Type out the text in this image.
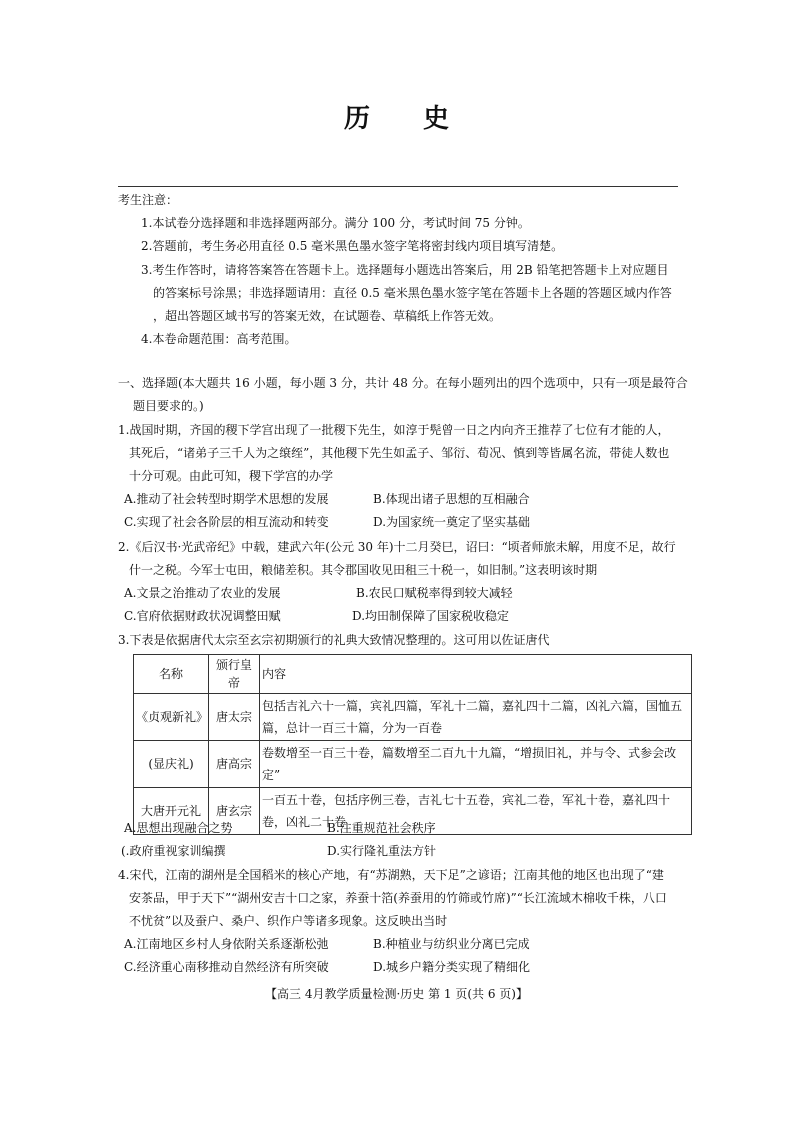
历 史
考生注意：
1.本试卷分选择题和非选择题两部分。满分 100 分，考试时间 75 分钟。
2.答题前，考生务必用直径 0.5 毫米黑色墨水签字笔将密封线内项目填写清楚。
3.考生作答时，请将答案答在答题卡上。选择题每小题选出答案后，用 2B 铅笔把答题卡上对应题目
的答案标号涂黑；非选择题请用：直径 0.5 毫米黑色墨水签字笔在答题卡上各题的答题区域内作答
，超出答题区域书写的答案无效，在试题卷、草稿纸上作答无效。
4.本卷命题范围：高考范围。
一、选择题(本大题共 16 小题，每小题 3 分，共计 48 分。在每小题列出的四个选项中，只有一项是最符合
题目要求的。)
1.战国时期，齐国的稷下学宫出现了一批稷下先生，如淳于髡曾一日之内向齐王推荐了七位有才能的人，
其死后，“诸弟子三千人为之缞绖”，其他稷下先生如孟子、邹衍、荀况、慎到等皆属名流，带徒人数也
十分可观。由此可知，稷下学宫的办学
A.推动了社会转型时期学术思想的发展	B.体现出诸子思想的互相融合
C.实现了社会各阶层的相互流动和转变	D.为国家统一奠定了坚实基础
2.《后汉书·光武帝纪》中载，建武六年(公元 30 年)十二月癸巳，诏曰：“顷者师旅未解，用度不足，故行
什一之税。今军士屯田，粮储差积。其令郡国收见田租三十税一，如旧制。”这表明该时期
A.文景之治推动了农业的发展	B.农民口赋税率得到较大减轻
C.官府依据财政状况调整田赋	D.均田制保障了国家税收稳定
3.下表是依据唐代太宗至玄宗初期颁行的礼典大致情况整理的。这可用以佐证唐代
名称	颁行皇帝	内容
《贞观新礼》	唐太宗	包括吉礼六十一篇，宾礼四篇，军礼十二篇，嘉礼四十二篇，凶礼六篇，国恤五篇，总计一百三十篇，分为一百卷
(显庆礼)	唐高宗	卷数增至一百三十卷，篇数增至二百九十九篇，“增损旧礼，并与令、式参会改定”
大唐开元礼	唐玄宗	一百五十卷，包括序例三卷，吉礼七十五卷，宾礼二卷，军礼十卷，嘉礼四十卷，凶礼二十卷
A.思想出现融合之势	B.注重规范社会秩序
(.政府重视家训编撰	D.实行隆礼重法方针
4.宋代，江南的湖州是全国稻米的核心产地，有“苏湖熟，天下足”之谚语；江南其他的地区也出现了“建
安茶品，甲于天下”“湖州安吉十口之家，养蚕十箔(养蚕用的竹筛或竹席)”“长江流域木棉收千株，八口
不忧贫”以及蚕户、桑户、织作户等诸多现象。这反映出当时
A.江南地区乡村人身依附关系逐渐松弛	B.种植业与纺织业分离已完成
C.经济重心南移推动自然经济有所突破	D.城乡户籍分类实现了精细化
【高三 4月教学质量检测·历史 第 1 页(共 6 页)】
